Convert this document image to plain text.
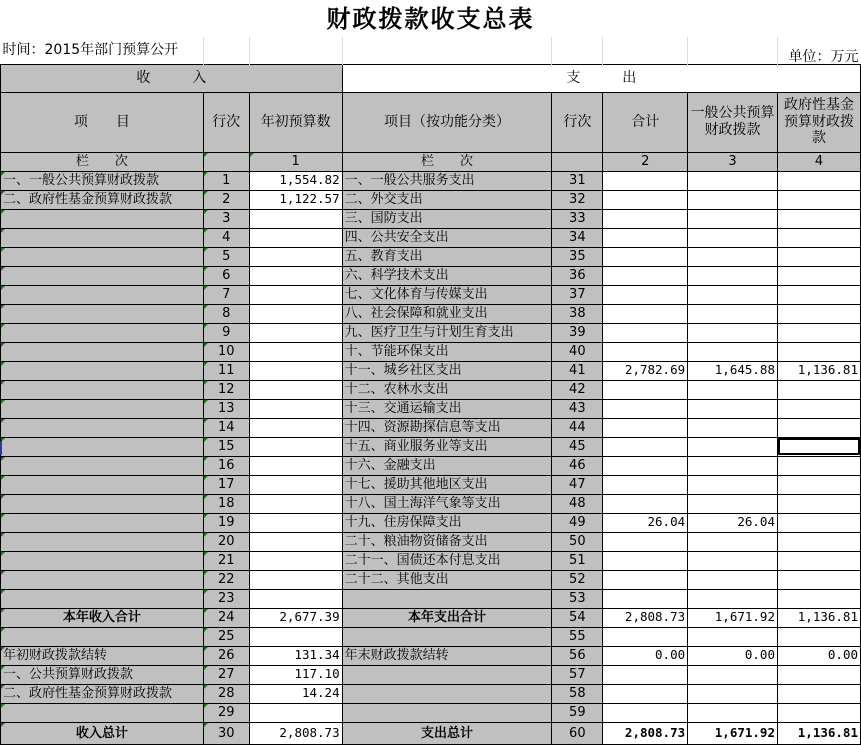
财政拨款收支总表							
时间：2015年部门预算公开							单位：万元
收　　　入			支　　　出				
项　　目	行次	年初预算数	项目（按功能分类）	行次	合计	一般公共预算财政拨款	政府性基金预算财政拨款
栏　　次		1	栏　　次		2	3	4
一、一般公共预算财政拨款	1	1,554.82	一、一般公共服务支出	31			
二、政府性基金预算财政拨款	2	1,122.57	二、外交支出	32			
	3		三、国防支出	33			
	4		四、公共安全支出	34			
	5		五、教育支出	35			
	6		六、科学技术支出	36			
	7		七、文化体育与传媒支出	37			
	8		八、社会保障和就业支出	38			
	9		九、医疗卫生与计划生育支出	39			
	10		十、节能环保支出	40			
	11		十一、城乡社区支出	41	2,782.69	1,645.88	1,136.81
	12		十二、农林水支出	42			
	13		十三、交通运输支出	43			
	14		十四、资源勘探信息等支出	44			
	15		十五、商业服务业等支出	45			
	16		十六、金融支出	46			
	17		十七、援助其他地区支出	47			
	18		十八、国土海洋气象等支出	48			
	19		十九、住房保障支出	49	26.04	26.04	
	20		二十、粮油物资储备支出	50			
	21		二十一、国债还本付息支出	51			
	22		二十二、其他支出	52			
	23			53			
本年收入合计	24	2,677.39	本年支出合计	54	2,808.73	1,671.92	1,136.81
	25			55			
年初财政拨款结转	26	131.34	年末财政拨款结转	56	0.00	0.00	0.00
一、公共预算财政拨款	27	117.10		57			
二、政府性基金预算财政拨款	28	14.24		58			
	29			59			
收入总计	30	2,808.73	支出总计	60	2,808.73	1,671.92	1,136.81
